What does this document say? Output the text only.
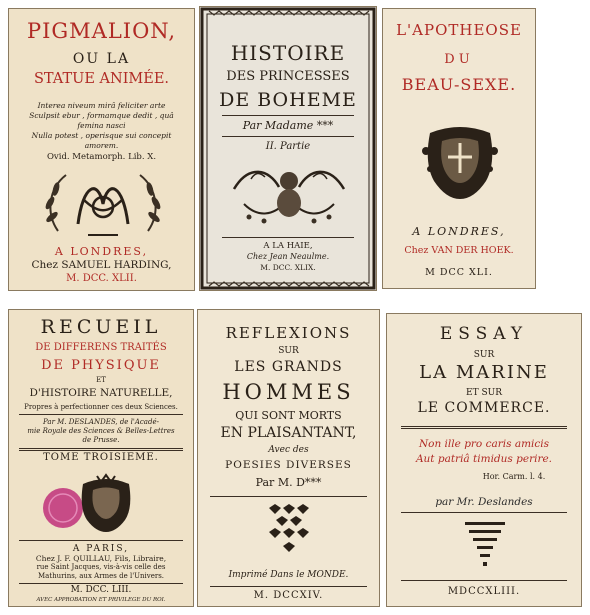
PIGMALION,

OU LA

STATUE ANIMÉE.

Interea niveum mirâ feliciter arte

Sculpsit ebur , formamque dedit , quâ

femina nasci

Nulla potest , operisque sui concepit

amorem.

Ovid. Metamorph. Lib. X.

A LONDRES,

Chez SAMUEL HARDING,

M. DCC. XLII.

HISTOIRE

DES PRINCESSES

DE BOHEME

Par Madame ***

II. Partie

A LA HAIE,

Chez Jean Neaulme.

M. DCC. XLIX.

L'APOTHEOSE

DU

BEAU-SEXE.

A LONDRES,

Chez VAN DER HOEK.

M DCC XLI.

RECUEIL

DE DIFFERENS TRAITÉS

DE PHYSIQUE

ET

D'HISTOIRE NATURELLE,

Propres à perfectionner ces deux Sciences.

Par M. DESLANDES, de l'Acadé-

mie Royale des Sciences & Belles-Lettres

de Prusse.

TOME TROISIEME.

A PARIS,

Chez J. F. QUILLAU, Fils, Libraire,

rue Saint Jacques, vis-à-vis celle des

Mathurins, aux Armes de l'Univers.

M. DCC. LIII.

AVEC APPROBATION ET PRIVILEGE DU ROI.

REFLEXIONS

SUR

LES GRANDS

HOMMES

QUI SONT MORTS

EN PLAISANTANT,

Avec des

POESIES DIVERSES

Par M. D***

Imprimé Dans le MONDE.

M. DCCXIV.

ESSAY

SUR

LA MARINE

ET SUR

LE COMMERCE.

Non ille pro caris amicis

Aut patriâ timidus perire.

Hor. Carm. l. 4.

par Mr. Deslandes

MDCCXLIII.
